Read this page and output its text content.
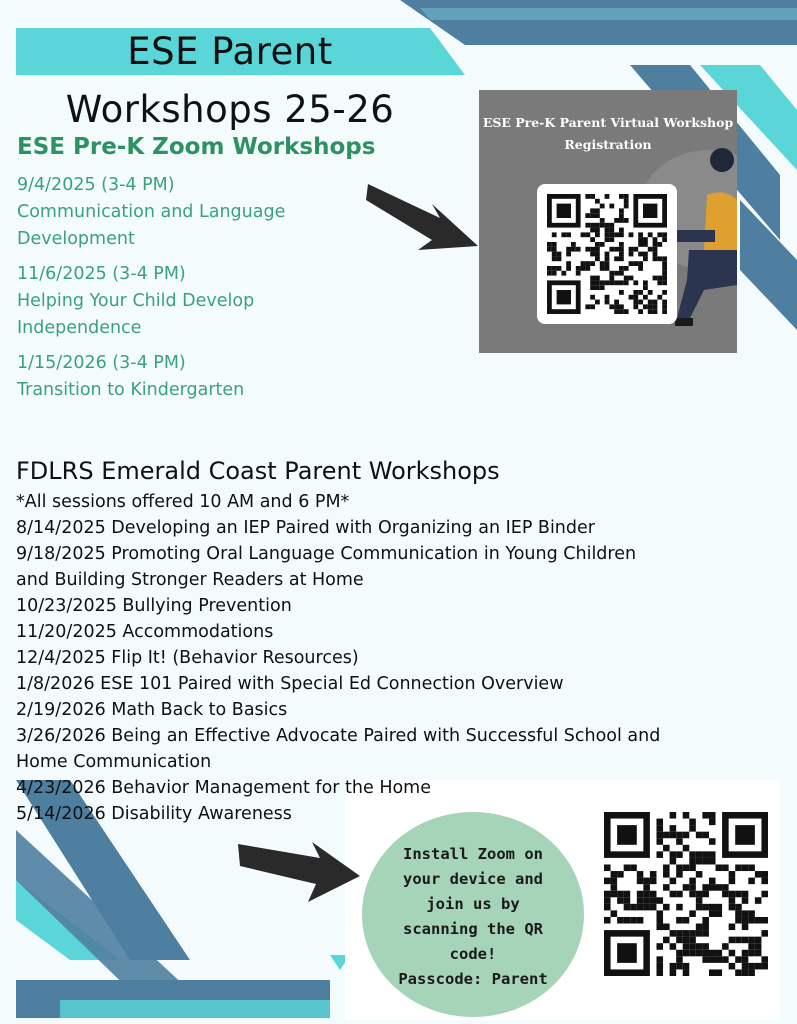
ESE Parent
Workshops 25-26
ESE Pre-K Zoom Workshops
9/4/2025 (3-4 PM)
Communication and Language
Development
11/6/2025 (3-4 PM)
Helping Your Child Develop
Independence
1/15/2026 (3-4 PM)
Transition to Kindergarten
ESE Pre-K Parent Virtual Workshop
Registration
FDLRS Emerald Coast Parent Workshops
*All sessions offered 10 AM and 6 PM*
8/14/2025 Developing an IEP Paired with Organizing an IEP Binder
9/18/2025 Promoting Oral Language Communication in Young Children
and Building Stronger Readers at Home
10/23/2025 Bullying Prevention
11/20/2025 Accommodations
12/4/2025 Flip It! (Behavior Resources)
1/8/2026 ESE 101 Paired with Special Ed Connection Overview
2/19/2026 Math Back to Basics
3/26/2026 Being an Effective Advocate Paired with Successful School and
Home Communication
4/23/2026 Behavior Management for the Home
5/14/2026 Disability Awareness
Install Zoom on
your device and
join us by
scanning the QR
code!
Passcode: Parent
